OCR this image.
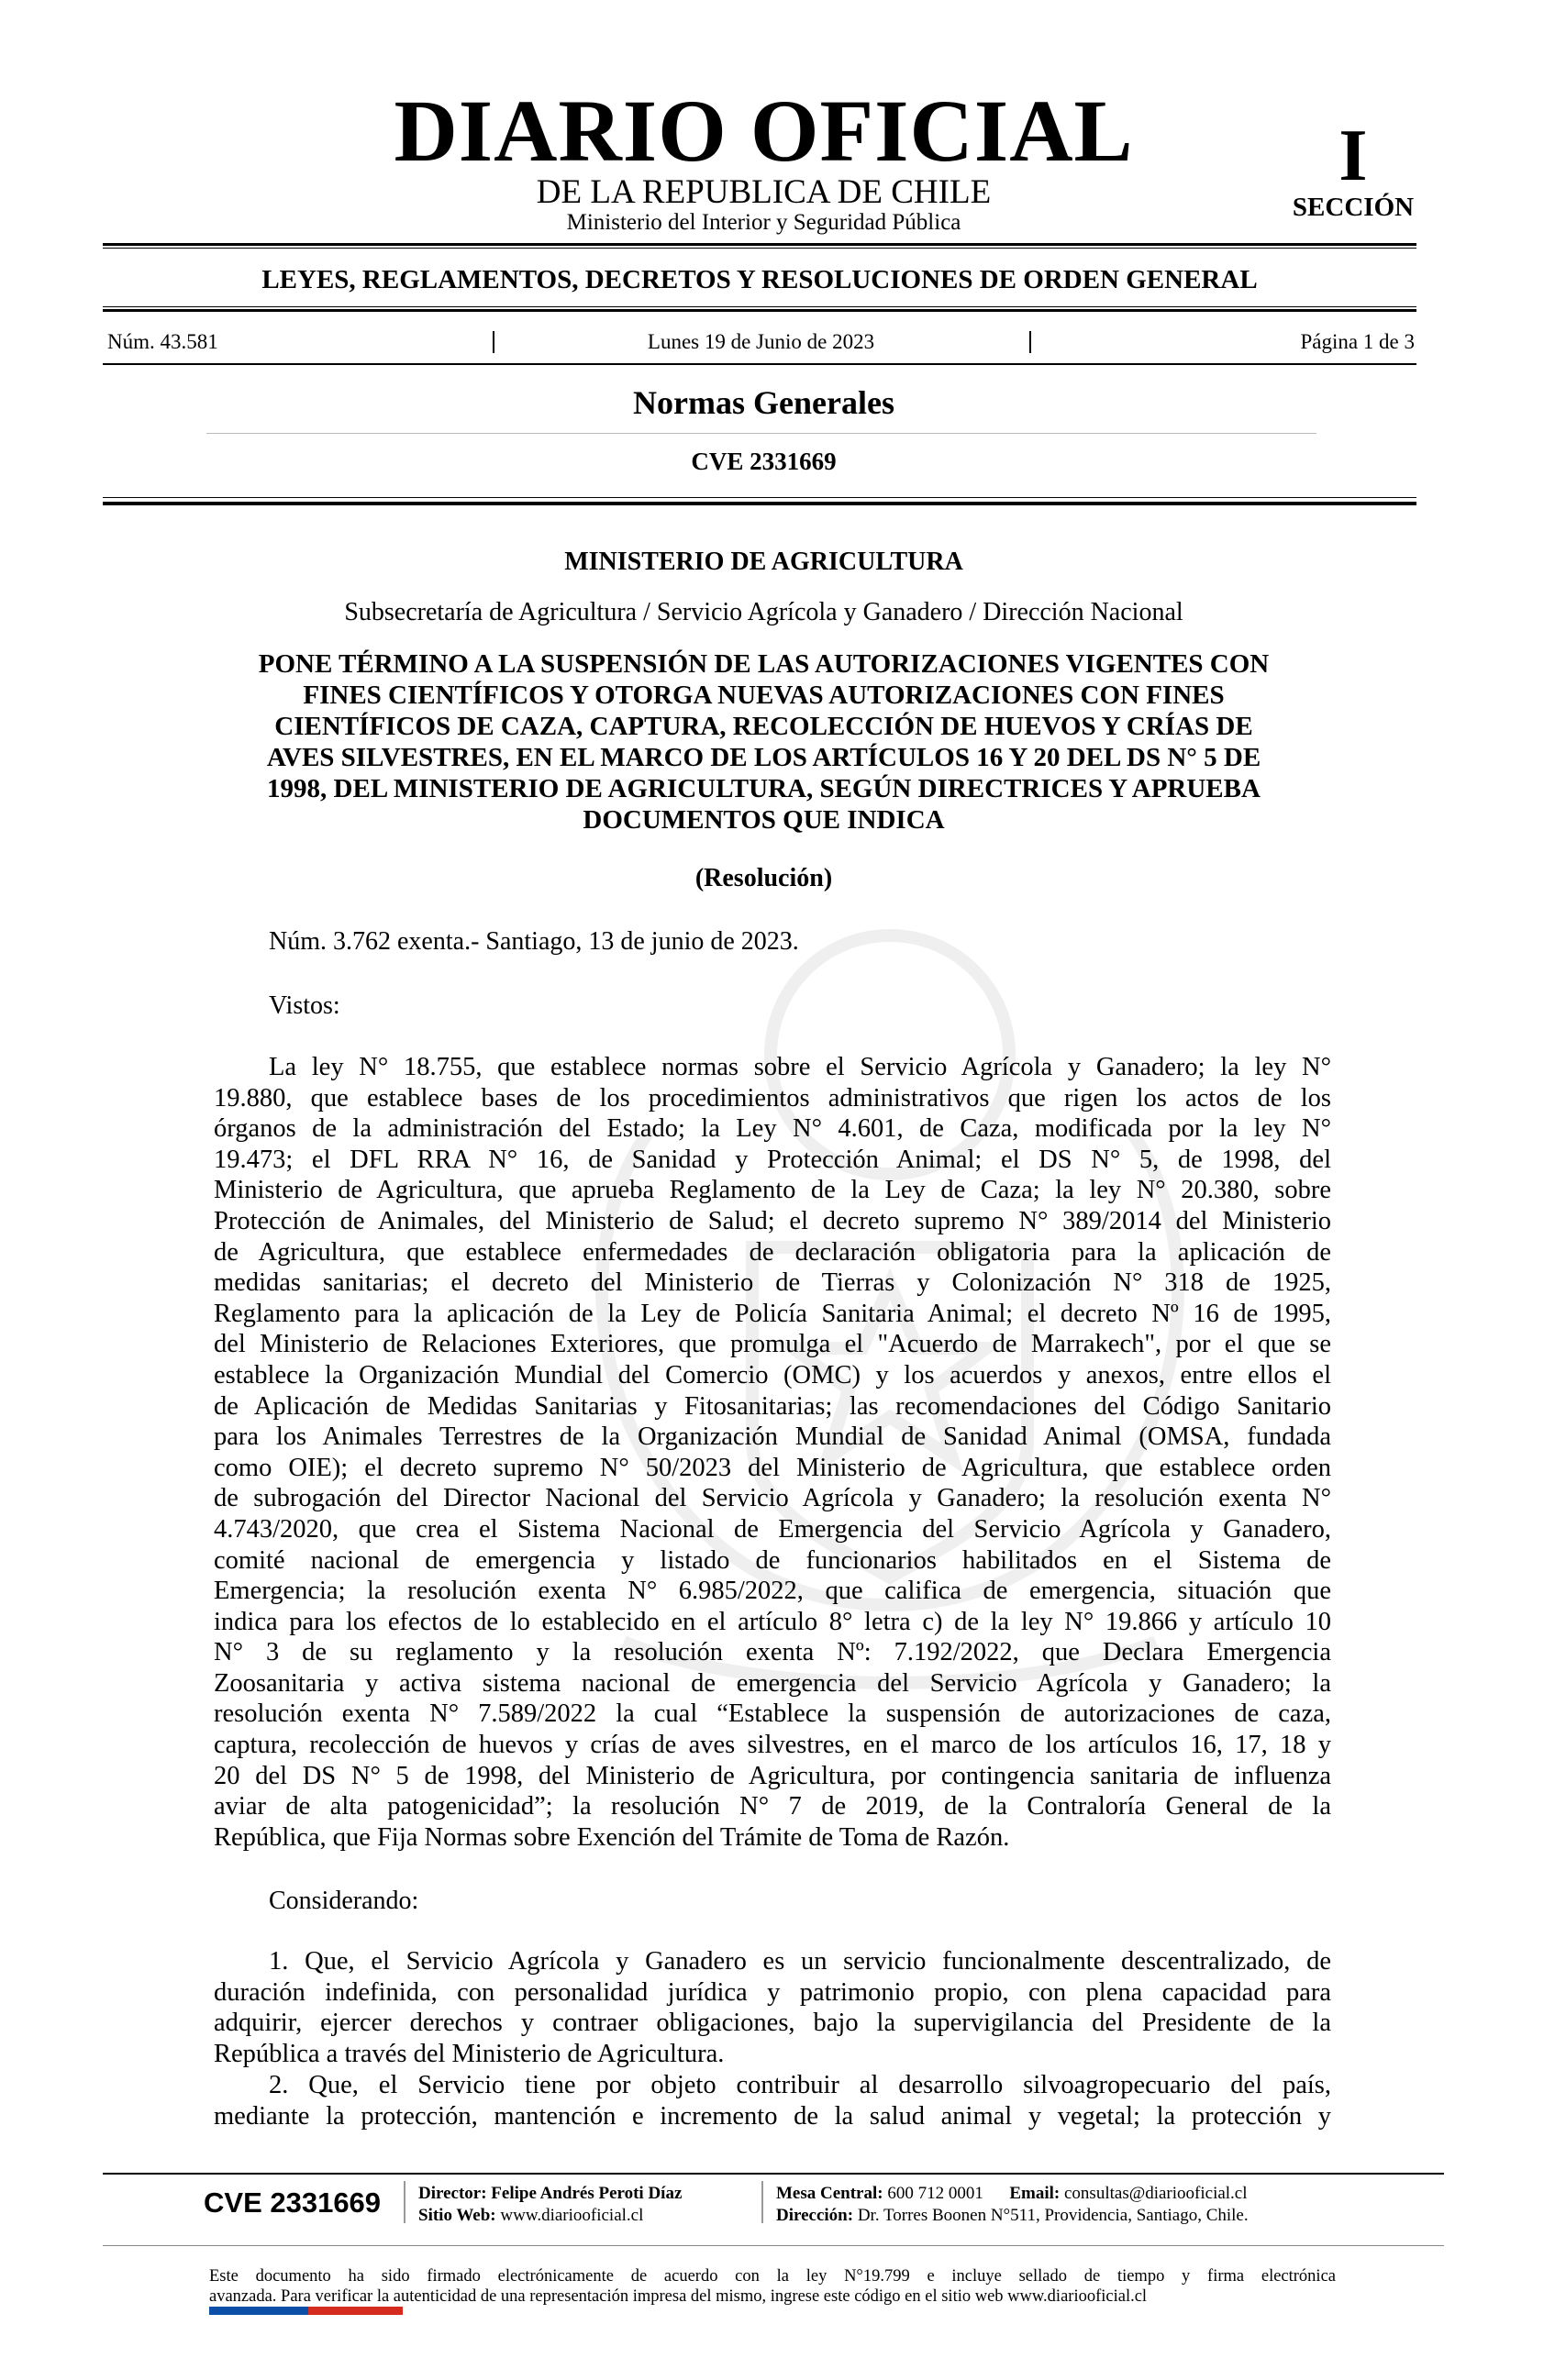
DIARIO OFICIAL
DE LA REPUBLICA DE CHILE
Ministerio del Interior y Seguridad Pública
I
SECCIÓN
LEYES, REGLAMENTOS, DECRETOS Y RESOLUCIONES DE ORDEN GENERAL
Núm. 43.581	Lunes 19 de Junio de 2023	Página 1 de 3
Normas Generales
CVE 2331669
MINISTERIO DE AGRICULTURA
Subsecretaría de Agricultura / Servicio Agrícola y Ganadero / Dirección Nacional
PONE TÉRMINO A LA SUSPENSIÓN DE LAS AUTORIZACIONES VIGENTES CON
FINES CIENTÍFICOS Y OTORGA NUEVAS AUTORIZACIONES CON FINES
CIENTÍFICOS DE CAZA, CAPTURA, RECOLECCIÓN DE HUEVOS Y CRÍAS DE
AVES SILVESTRES, EN EL MARCO DE LOS ARTÍCULOS 16 Y 20 DEL DS N° 5 DE
1998, DEL MINISTERIO DE AGRICULTURA, SEGÚN DIRECTRICES Y APRUEBA
DOCUMENTOS QUE INDICA
(Resolución)
Núm. 3.762 exenta.- Santiago, 13 de junio de 2023.
Vistos:
La ley N° 18.755, que establece normas sobre el Servicio Agrícola y Ganadero; la ley N°
19.880, que establece bases de los procedimientos administrativos que rigen los actos de los
órganos de la administración del Estado; la Ley N° 4.601, de Caza, modificada por la ley N°
19.473; el DFL RRA N° 16, de Sanidad y Protección Animal; el DS N° 5, de 1998, del
Ministerio de Agricultura, que aprueba Reglamento de la Ley de Caza; la ley N° 20.380, sobre
Protección de Animales, del Ministerio de Salud; el decreto supremo N° 389/2014 del Ministerio
de Agricultura, que establece enfermedades de declaración obligatoria para la aplicación de
medidas sanitarias; el decreto del Ministerio de Tierras y Colonización N° 318 de 1925,
Reglamento para la aplicación de la Ley de Policía Sanitaria Animal; el decreto Nº 16 de 1995,
del Ministerio de Relaciones Exteriores, que promulga el "Acuerdo de Marrakech", por el que se
establece la Organización Mundial del Comercio (OMC) y los acuerdos y anexos, entre ellos el
de Aplicación de Medidas Sanitarias y Fitosanitarias; las recomendaciones del Código Sanitario
para los Animales Terrestres de la Organización Mundial de Sanidad Animal (OMSA, fundada
como OIE); el decreto supremo N° 50/2023 del Ministerio de Agricultura, que establece orden
de subrogación del Director Nacional del Servicio Agrícola y Ganadero; la resolución exenta N°
4.743/2020, que crea el Sistema Nacional de Emergencia del Servicio Agrícola y Ganadero,
comité nacional de emergencia y listado de funcionarios habilitados en el Sistema de
Emergencia; la resolución exenta N° 6.985/2022, que califica de emergencia, situación que
indica para los efectos de lo establecido en el artículo 8° letra c) de la ley N° 19.866 y artículo 10
N° 3 de su reglamento y la resolución exenta Nº: 7.192/2022, que Declara Emergencia
Zoosanitaria y activa sistema nacional de emergencia del Servicio Agrícola y Ganadero; la
resolución exenta N° 7.589/2022 la cual “Establece la suspensión de autorizaciones de caza,
captura, recolección de huevos y crías de aves silvestres, en el marco de los artículos 16, 17, 18 y
20 del DS N° 5 de 1998, del Ministerio de Agricultura, por contingencia sanitaria de influenza
aviar de alta patogenicidad”; la resolución N° 7 de 2019, de la Contraloría General de la
República, que Fija Normas sobre Exención del Trámite de Toma de Razón.
Considerando:
1. Que, el Servicio Agrícola y Ganadero es un servicio funcionalmente descentralizado, de
duración indefinida, con personalidad jurídica y patrimonio propio, con plena capacidad para
adquirir, ejercer derechos y contraer obligaciones, bajo la supervigilancia del Presidente de la
República a través del Ministerio de Agricultura.
2. Que, el Servicio tiene por objeto contribuir al desarrollo silvoagropecuario del país,
mediante la protección, mantención e incremento de la salud animal y vegetal; la protección y
CVE 2331669 Director: Felipe Andrés Peroti Díaz
Sitio Web: www.diariooficial.cl
Mesa Central: 600 712 0001 Email: consultas@diariooficial.cl
Dirección: Dr. Torres Boonen N°511, Providencia, Santiago, Chile.
Este documento ha sido firmado electrónicamente de acuerdo con la ley N°19.799 e incluye sellado de tiempo y firma electrónica
avanzada. Para verificar la autenticidad de una representación impresa del mismo, ingrese este código en el sitio web www.diariooficial.cl
